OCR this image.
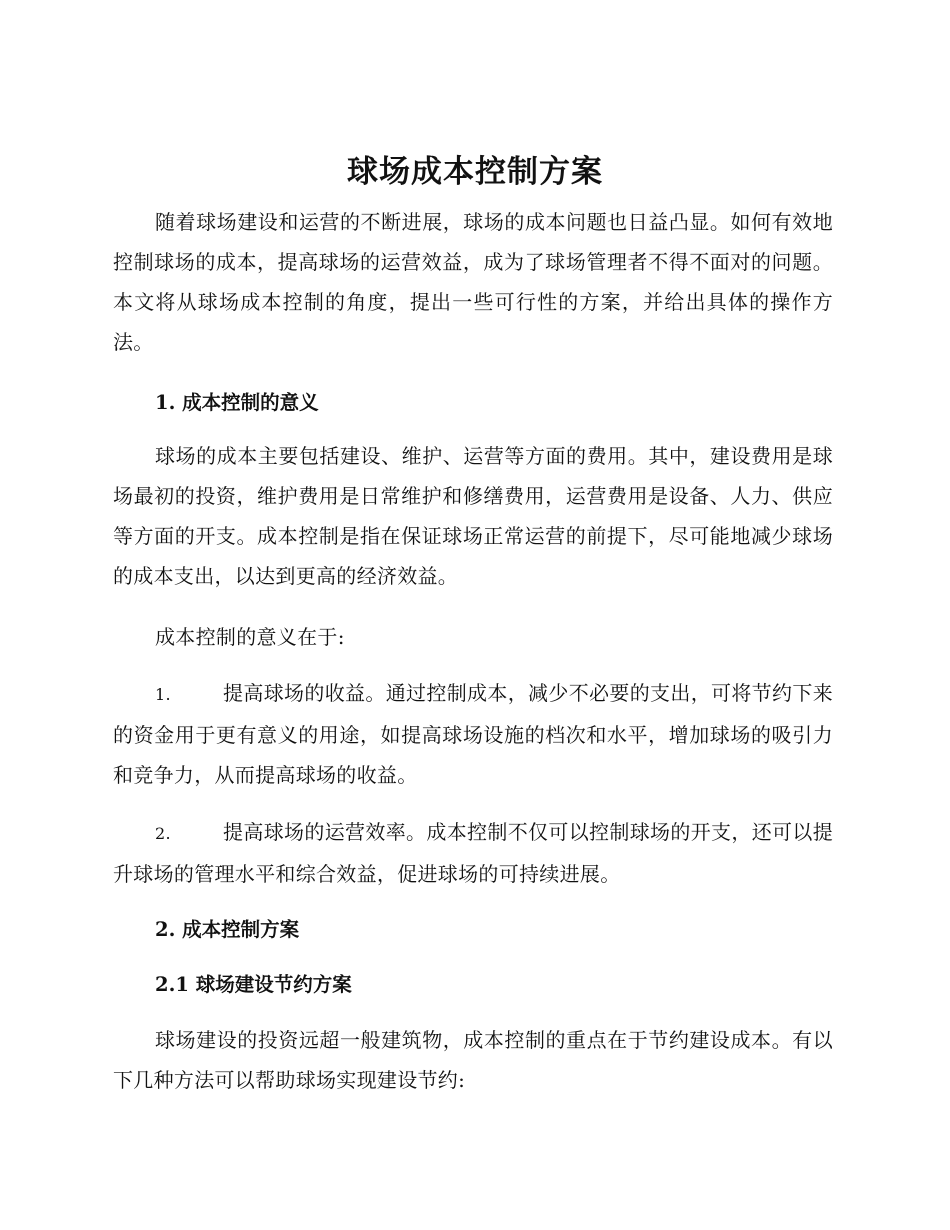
球场成本控制方案

随着球场建设和运营的不断进展，球场的成本问题也日益凸显。如何有效地控制球场的成本，提高球场的运营效益，成为了球场管理者不得不面对的问题。本文将从球场成本控制的角度，提出一些可行性的方案，并给出具体的操作方法。

1. 成本控制的意义

球场的成本主要包括建设、维护、运营等方面的费用。其中，建设费用是球场最初的投资，维护费用是日常维护和修缮费用，运营费用是设备、人力、供应等方面的开支。成本控制是指在保证球场正常运营的前提下，尽可能地减少球场的成本支出，以达到更高的经济效益。

成本控制的意义在于:

1.	提高球场的收益。通过控制成本，减少不必要的支出，可将节约下来的资金用于更有意义的用途，如提高球场设施的档次和水平，增加球场的吸引力和竞争力，从而提高球场的收益。
2.	提高球场的运营效率。成本控制不仅可以控制球场的开支，还可以提升球场的管理水平和综合效益，促进球场的可持续进展。
2. 成本控制方案
2.1 球场建设节约方案

球场建设的投资远超一般建筑物，成本控制的重点在于节约建设成本。有以下几种方法可以帮助球场实现建设节约:
